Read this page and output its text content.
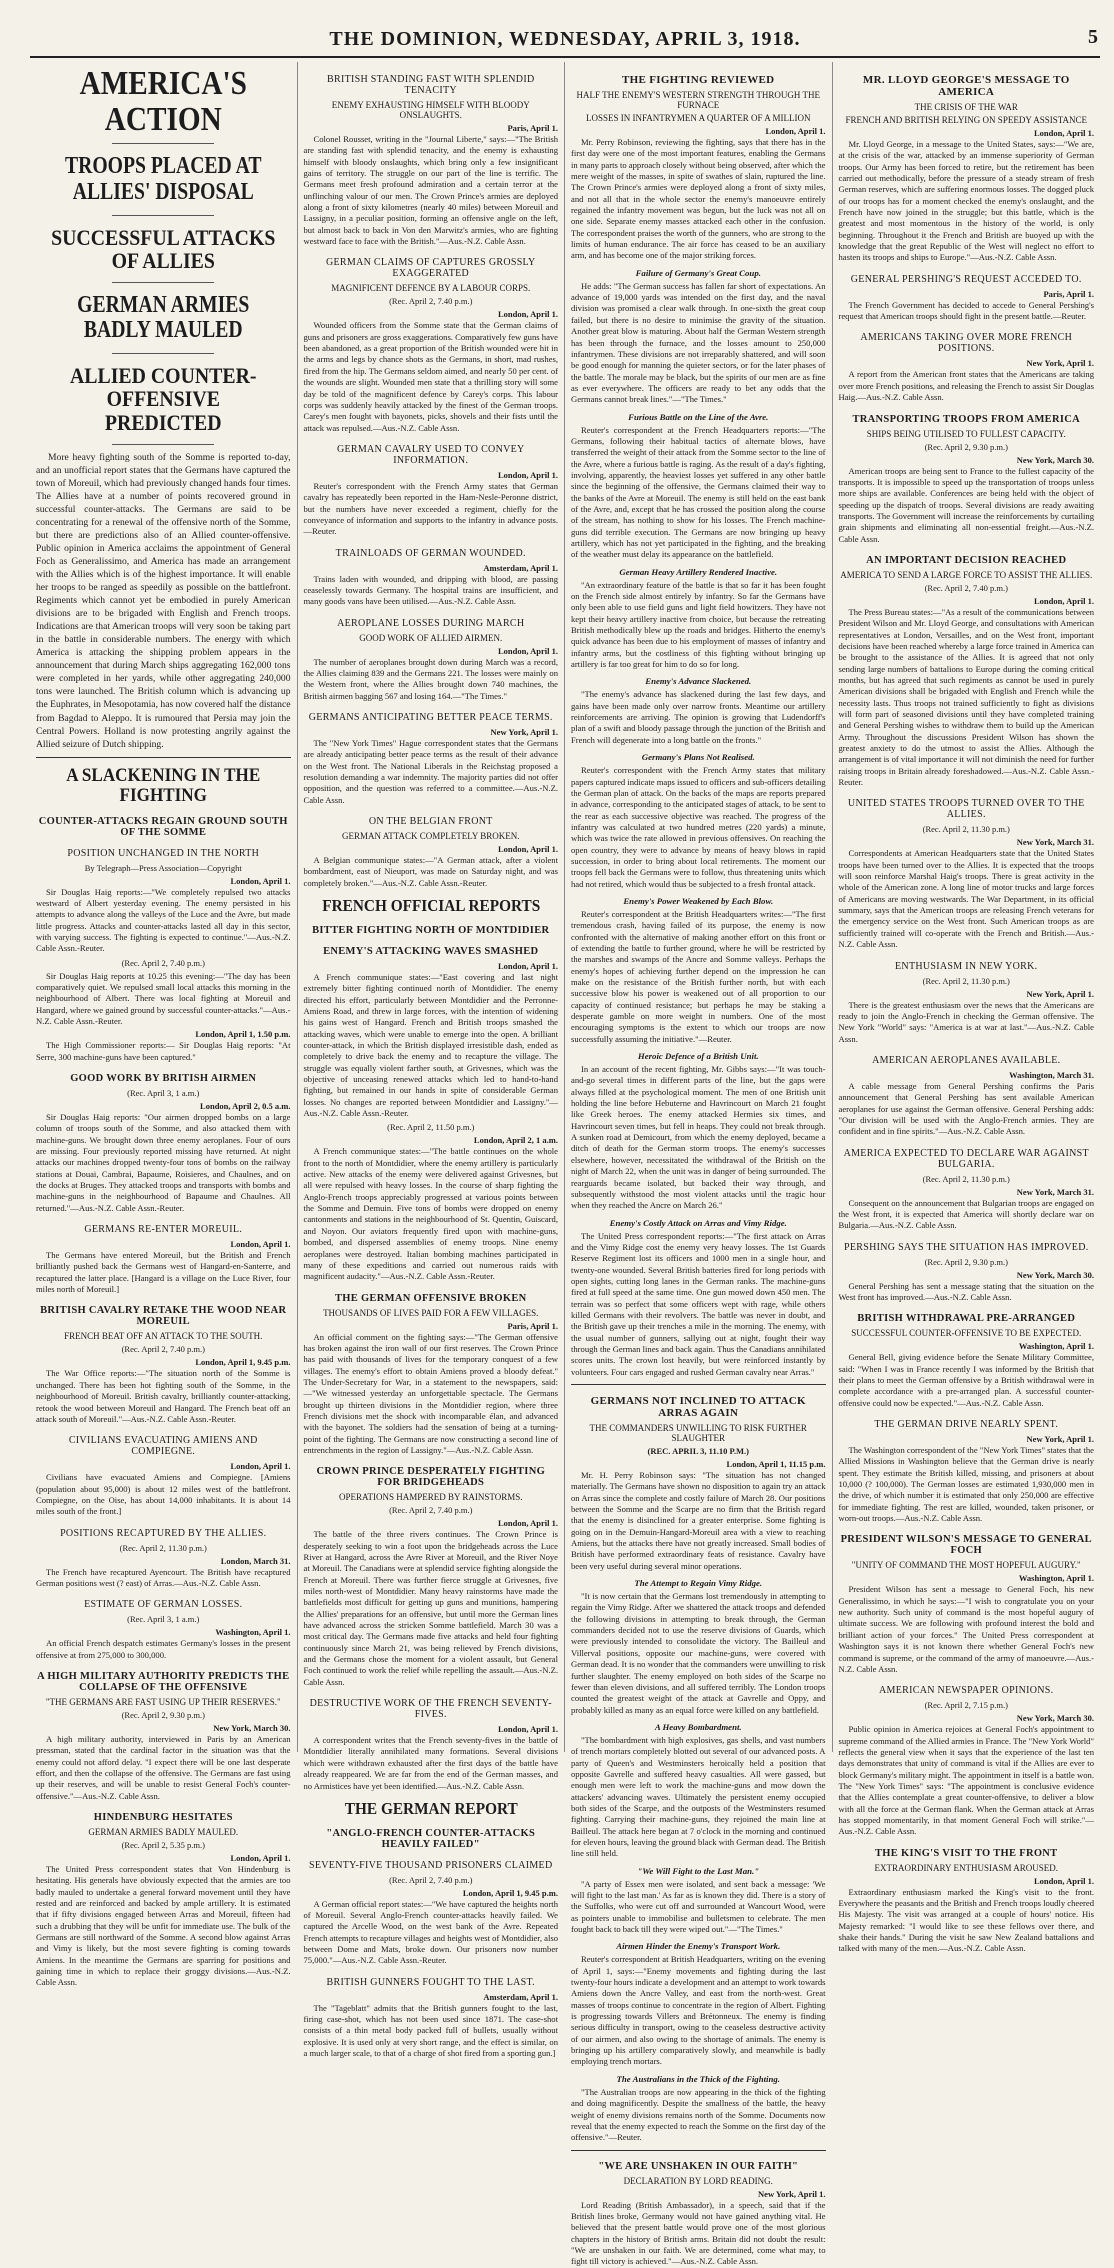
THE DOMINION, WEDNESDAY, APRIL 3, 1918.	5
AMERICA'S ACTION
TROOPS PLACED AT ALLIES' DISPOSAL
SUCCESSFUL ATTACKS OF ALLIES
GERMAN ARMIES BADLY MAULED
ALLIED COUNTER-OFFENSIVE PREDICTED

More heavy fighting south of the Somme is reported to-day, and an unofficial report states that the Germans have captured the town of Moreuil, which had previously changed hands four times. The Allies have at a number of points recovered ground in successful counter-attacks. The Germans are said to be concentrating for a renewal of the offensive north of the Somme, but there are predictions also of an Allied counter-offensive. Public opinion in America acclaims the appointment of General Foch as Generalissimo, and America has made an arrangement with the Allies which is of the highest importance. It will enable her troops to be ranged as speedily as possible on the battlefront. Regiments which cannot yet be embodied in purely American divisions are to be brigaded with English and French troops. Indications are that American troops will very soon be taking part in the battle in considerable numbers. The energy with which America is attacking the shipping problem appears in the announcement that during March ships aggregating 162,000 tons were completed in her yards, while other aggregating 240,000 tons were launched. The British column which is advancing up the Euphrates, in Mesopotamia, has now covered half the distance from Bagdad to Aleppo. It is rumoured that Persia may join the Central Powers. Holland is now protesting angrily against the Allied seizure of Dutch shipping.

A SLACKENING IN THE FIGHTING
COUNTER-ATTACKS REGAIN GROUND SOUTH OF THE SOMME
POSITION UNCHANGED IN THE NORTH
By Telegraph—Press Association—Copyright
London, April 1.

Sir Douglas Haig reports:—"We completely repulsed two attacks westward of Albert yesterday evening. The enemy persisted in his attempts to advance along the valleys of the Luce and the Avre, but made little progress. Attacks and counter-attacks lasted all day in this sector, with varying success. The fighting is expected to continue."—Aus.-N.Z. Cable Assn.-Reuter.

(Rec. April 2, 7.40 p.m.)

Sir Douglas Haig reports at 10.25 this evening:—"The day has been comparatively quiet. We repulsed small local attacks this morning in the neighbourhood of Albert. There was local fighting at Moreuil and Hangard, where we gained ground by successful counter-attacks."—Aus.-N.Z. Cable Assn.-Reuter.

London, April 1, 1.50 p.m.

The High Commissioner reports:— Sir Douglas Haig reports: "At Serre, 300 machine-guns have been captured."

GOOD WORK BY BRITISH AIRMEN
(Rec. April 3, 1 a.m.)
London, April 2, 0.5 a.m.

Sir Douglas Haig reports: "Our airmen dropped bombs on a large column of troops south of the Somme, and also attacked them with machine-guns. We brought down three enemy aeroplanes. Four of ours are missing. Four previously reported missing have returned. At night attacks our machines dropped twenty-four tons of bombs on the railway stations at Douai, Cambrai, Bapaume, Roisieres, and Chaulnes, and on the docks at Bruges. They attacked troops and transports with bombs and machine-guns in the neighbourhood of Bapaume and Chaulnes. All returned."—Aus.-N.Z. Cable Assn.-Reuter.

GERMANS RE-ENTER MOREUIL.
London, April 1.

The Germans have entered Moreuil, but the British and French brilliantly pushed back the Germans west of Hangard-en-Santerre, and recaptured the latter place. [Hangard is a village on the Luce River, four miles north of Moreuil.]

BRITISH CAVALRY RETAKE THE WOOD NEAR MOREUIL
FRENCH BEAT OFF AN ATTACK TO THE SOUTH.
(Rec. April 2, 7.40 p.m.)
London, April 1, 9.45 p.m.

The War Office reports:—"The situation north of the Somme is unchanged. There has been hot fighting south of the Somme, in the neighbourhood of Moreuil. British cavalry, brilliantly counter-attacking, retook the wood between Moreuil and Hangard. The French beat off an attack south of Moreuil."—Aus.-N.Z. Cable Assn.-Reuter.

CIVILIANS EVACUATING AMIENS AND COMPIEGNE.
London, April 1.

Civilians have evacuated Amiens and Compiegne. [Amiens (population about 95,000) is about 12 miles west of the battlefront. Compiegne, on the Oise, has about 14,000 inhabitants. It is about 14 miles south of the front.]

POSITIONS RECAPTURED BY THE ALLIES.
(Rec. April 2, 11.30 p.m.)
London, March 31.

The French have recaptured Ayencourt. The British have recaptured German positions west (? east) of Arras.—Aus.-N.Z. Cable Assn.

ESTIMATE OF GERMAN LOSSES.
(Rec. April 3, 1 a.m.)
Washington, April 1.

An official French despatch estimates Germany's losses in the present offensive at from 275,000 to 300,000.

A HIGH MILITARY AUTHORITY PREDICTS THE COLLAPSE OF THE OFFENSIVE
"THE GERMANS ARE FAST USING UP THEIR RESERVES."
(Rec. April 2, 9.30 p.m.)
New York, March 30.

A high military authority, interviewed in Paris by an American pressman, stated that the cardinal factor in the situation was that the enemy could not afford delay. "I expect there will be one last desperate effort, and then the collapse of the offensive. The Germans are fast using up their reserves, and will be unable to resist General Foch's counter-offensive."—Aus.-N.Z. Cable Assn.

HINDENBURG HESITATES
GERMAN ARMIES BADLY MAULED.
(Rec. April 2, 5.35 p.m.)
London, April 1.

The United Press correspondent states that Von Hindenburg is hesitating. His generals have obviously expected that the armies are too badly mauled to undertake a general forward movement until they have rested and are reinforced and backed by ample artillery. It is estimated that if fifty divisions engaged between Arras and Moreuil, fifteen had such a drubbing that they will be unfit for immediate use. The bulk of the Germans are still northward of the Somme. A second blow against Arras and Vimy is likely, but the most severe fighting is coming towards Amiens. In the meantime the Germans are sparring for positions and gaining time in which to replace their groggy divisions.—Aus.-N.Z. Cable Assn.

BRITISH STANDING FAST WITH SPLENDID TENACITY
ENEMY EXHAUSTING HIMSELF WITH BLOODY ONSLAUGHTS.
Paris, April 1.

Colonel Rousset, writing in the "Journal Liberte," says:—"The British are standing fast with splendid tenacity, and the enemy is exhausting himself with bloody onslaughts, which bring only a few insignificant gains of territory. The struggle on our part of the line is terrific. The Germans meet fresh profound admiration and a certain terror at the unflinching valour of our men. The Crown Prince's armies are deployed along a front of sixty kilometres (nearly 40 miles) between Moreuil and Lassigny, in a peculiar position, forming an offensive angle on the left, but almost back to back in Von den Marwitz's armies, who are fighting westward face to face with the British."—Aus.-N.Z. Cable Assn.

GERMAN CLAIMS OF CAPTURES GROSSLY EXAGGERATED
MAGNIFICENT DEFENCE BY A LABOUR CORPS.
(Rec. April 2, 7.40 p.m.)
London, April 1.

Wounded officers from the Somme state that the German claims of guns and prisoners are gross exaggerations. Comparatively few guns have been abandoned, as a great proportion of the British wounded were hit in the arms and legs by chance shots as the Germans, in short, mad rushes, fired from the hip. The Germans seldom aimed, and nearly 50 per cent. of the wounds are slight. Wounded men state that a thrilling story will some day be told of the magnificent defence by Carey's corps. This labour corps was suddenly heavily attacked by the finest of the German troops. Carey's men fought with bayonets, picks, shovels and their fists until the attack was repulsed.—Aus.-N.Z. Cable Assn.

GERMAN CAVALRY USED TO CONVEY INFORMATION.
London, April 1.

Reuter's correspondent with the French Army states that German cavalry has repeatedly been reported in the Ham-Nesle-Peronne district, but the numbers have never exceeded a regiment, chiefly for the conveyance of information and supports to the infantry in advance posts.—Reuter.

TRAINLOADS OF GERMAN WOUNDED.
Amsterdam, April 1.

Trains laden with wounded, and dripping with blood, are passing ceaselessly towards Germany. The hospital trains are insufficient, and many goods vans have been utilised.—Aus.-N.Z. Cable Assn.

AEROPLANE LOSSES DURING MARCH
GOOD WORK OF ALLIED AIRMEN.
London, April 1.

The number of aeroplanes brought down during March was a record, the Allies claiming 839 and the Germans 221. The losses were mainly on the Western front, where the Allies brought down 740 machines, the British airmen bagging 567 and losing 164.—"The Times."

GERMANS ANTICIPATING BETTER PEACE TERMS.
New York, April 1.

The "New York Times" Hague correspondent states that the Germans are already anticipating better peace terms as the result of their advance on the West front. The National Liberals in the Reichstag proposed a resolution demanding a war indemnity. The majority parties did not offer opposition, and the question was referred to a committee.—Aus.-N.Z. Cable Assn.

ON THE BELGIAN FRONT
GERMAN ATTACK COMPLETELY BROKEN.
London, April 1.

A Belgian communique states:—"A German attack, after a violent bombardment, east of Nieuport, was made on Saturday night, and was completely broken."—Aus.-N.Z. Cable Assn.-Reuter.

FRENCH OFFICIAL REPORTS
BITTER FIGHTING NORTH OF MONTDIDIER
ENEMY'S ATTACKING WAVES SMASHED
London, April 1.

A French communique states:—"East covering and last night extremely bitter fighting continued north of Montdidier. The enemy directed his effort, particularly between Montdidier and the Perronne-Amiens Road, and threw in large forces, with the intention of widening his gains west of Hangard. French and British troops smashed the attacking waves, which were unable to emerge into the open. A brilliant counter-attack, in which the British displayed irresistible dash, ended as completely to drive back the enemy and to recapture the village. The struggle was equally violent farther south, at Grivesnes, which was the objective of unceasing renewed attacks which led to hand-to-hand fighting, but remained in our hands in spite of considerable German losses. No changes are reported between Montdidier and Lassigny."—Aus.-N.Z. Cable Assn.-Reuter.

(Rec. April 2, 11.50 p.m.)
London, April 2, 1 a.m.

A French communique states:—"The battle continues on the whole front to the north of Montdidier, where the enemy artillery is particularly active. New attacks of the enemy were delivered against Grivesnes, but all were repulsed with heavy losses. In the course of sharp fighting the Anglo-French troops appreciably progressed at various points between the Somme and Demuin. Five tons of bombs were dropped on enemy cantonments and stations in the neighbourhood of St. Quentin, Guiscard, and Noyon. Our aviators frequently fired upon with machine-guns, bombed, and dispersed assemblies of enemy troops. Nine enemy aeroplanes were destroyed. Italian bombing machines participated in many of these expeditions and carried out numerous raids with magnificent audacity."—Aus.-N.Z. Cable Assn.-Reuter.

THE GERMAN OFFENSIVE BROKEN
THOUSANDS OF LIVES PAID FOR A FEW VILLAGES.
Paris, April 1.

An official comment on the fighting says:—"The German offensive has broken against the iron wall of our first reserves. The Crown Prince has paid with thousands of lives for the temporary conquest of a few villages. The enemy's effort to obtain Amiens proved a bloody defeat." The Under-Secretary for War, in a statement to the newspapers, said:—"We witnessed yesterday an unforgettable spectacle. The Germans brought up thirteen divisions in the Montdidier region, where three French divisions met the shock with incomparable élan, and advanced with the bayonet. The soldiers had the sensation of being at a turning-point of the fighting. The Germans are now constructing a second line of entrenchments in the region of Lassigny."—Aus.-N.Z. Cable Assn.

CROWN PRINCE DESPERATELY FIGHTING FOR BRIDGEHEADS
OPERATIONS HAMPERED BY RAINSTORMS.
(Rec. April 2, 7.40 p.m.)
London, April 1.

The battle of the three rivers continues. The Crown Prince is desperately seeking to win a foot upon the bridgeheads across the Luce River at Hangard, across the Avre River at Moreuil, and the River Noye at Moreuil. The Canadians were at splendid service fighting alongside the French at Moreuil. There was further fierce struggle at Grivesnes, five miles north-west of Montdidier. Many heavy rainstorms have made the battlefields most difficult for getting up guns and munitions, hampering the Allies' preparations for an offensive, but until more the German lines have advanced across the stricken Somme battlefield. March 30 was a most critical day. The Germans made five attacks and held four fighting continuously since March 21, was being relieved by French divisions, and the Germans chose the moment for a violent assault, but General Foch continued to work the relief while repelling the assault.—Aus.-N.Z. Cable Assn.

DESTRUCTIVE WORK OF THE FRENCH SEVENTY-FIVES.
London, April 1.

A correspondent writes that the French seventy-fives in the battle of Montdidier literally annihilated many formations. Several divisions which were withdrawn exhausted after the first days of the battle have already reappeared. We are far from the end of the German masses, and no Armistices have yet been identified.—Aus.-N.Z. Cable Assn.

THE GERMAN REPORT
"ANGLO-FRENCH COUNTER-ATTACKS HEAVILY FAILED"
SEVENTY-FIVE THOUSAND PRISONERS CLAIMED
(Rec. April 2, 7.40 p.m.)
London, April 1, 9.45 p.m.

A German official report states:—"We have captured the heights north of Moreuil. Several Anglo-French counter-attacks heavily failed. We captured the Arcelle Wood, on the west bank of the Avre. Repeated French attempts to recapture villages and heights west of Montdidier, also between Dome and Mats, broke down. Our prisoners now number 75,000."—Aus.-N.Z. Cable Assn.-Reuter.

BRITISH GUNNERS FOUGHT TO THE LAST.
Amsterdam, April 1.

The "Tageblatt" admits that the British gunners fought to the last, firing case-shot, which has not been used since 1871. The case-shot consists of a thin metal body packed full of bullets, usually without explosive. It is used only at very short range, and the effect is similar, on a much larger scale, to that of a charge of shot fired from a sporting gun.]

THE FIGHTING REVIEWED
HALF THE ENEMY'S WESTERN STRENGTH THROUGH THE FURNACE
LOSSES IN INFANTRYMEN A QUARTER OF A MILLION
London, April 1.

Mr. Perry Robinson, reviewing the fighting, says that there has in the first day were one of the most important features, enabling the Germans in many parts to approach closely without being observed, after which the mere weight of the masses, in spite of swathes of slain, ruptured the line. The Crown Prince's armies were deployed along a front of sixty miles, and not all that in the whole sector the enemy's manoeuvre entirely regained the infantry movement was begun, but the luck was not all on one side. Separate enemy masses attacked each other in the confusion. The correspondent praises the worth of the gunners, who are strong to the limits of human endurance. The air force has ceased to be an auxiliary arm, and has become one of the major striking forces.

Failure of Germany's Great Coup.

He adds: "The German success has fallen far short of expectations. An advance of 19,000 yards was intended on the first day, and the naval division was promised a clear walk through. In one-sixth the great coup failed, but there is no desire to minimise the gravity of the situation. Another great blow is maturing. About half the German Western strength has been through the furnace, and the losses amount to 250,000 infantrymen. These divisions are not irreparably shattered, and will soon be good enough for manning the quieter sectors, or for the later phases of the battle. The morale may be black, but the spirits of our men are as fine as ever everywhere. The officers are ready to bet any odds that the Germans cannot break lines."—"The Times."

Furious Battle on the Line of the Avre.

Reuter's correspondent at the French Headquarters reports:—"The Germans, following their habitual tactics of alternate blows, have transferred the weight of their attack from the Somme sector to the line of the Avre, where a furious battle is raging. As the result of a day's fighting, involving, apparently, the heaviest losses yet suffered in any other battle since the beginning of the offensive, the Germans claimed their way to the banks of the Avre at Moreuil. The enemy is still held on the east bank of the Avre, and, except that he has crossed the position along the course of the stream, has nothing to show for his losses. The French machine-guns did terrible execution. The Germans are now bringing up heavy artillery, which has not yet participated in the fighting, and the breaking of the weather must delay its appearance on the battlefield.

German Heavy Artillery Rendered Inactive.

"An extraordinary feature of the battle is that so far it has been fought on the French side almost entirely by infantry. So far the Germans have only been able to use field guns and light field howitzers. They have not kept their heavy artillery inactive from choice, but because the retreating British methodically blew up the roads and bridges. Hitherto the enemy's quick advance has been due to his employment of masses of infantry and infantry arms, but the costliness of this fighting without bringing up artillery is far too great for him to do so for long.

Enemy's Advance Slackened.

"The enemy's advance has slackened during the last few days, and gains have been made only over narrow fronts. Meantime our artillery reinforcements are arriving. The opinion is growing that Ludendorff's plan of a swift and bloody passage through the junction of the British and French will degenerate into a long battle on the fronts."

Germany's Plans Not Realised.

Reuter's correspondent with the French Army states that military papers captured indicate maps issued to officers and sub-officers detailing the German plan of attack. On the backs of the maps are reports prepared in advance, corresponding to the anticipated stages of attack, to be sent to the rear as each successive objective was reached. The progress of the infantry was calculated at two hundred metres (220 yards) a minute, which was twice the rate allowed in previous offensives. On reaching the open country, they were to advance by means of heavy blows in rapid succession, in order to bring about local retirements. The moment our troops fell back the Germans were to follow, thus threatening units which had not retired, which would thus be subjected to a fresh frontal attack.

Enemy's Power Weakened by Each Blow.

Reuter's correspondent at the British Headquarters writes:—"The first tremendous crash, having failed of its purpose, the enemy is now confronted with the alternative of making another effort on this front or of extending the battle to further ground, where he will be restricted by the marshes and swamps of the Ancre and Somme valleys. Perhaps the enemy's hopes of achieving further depend on the impression he can make on the resistance of the British further north, but with each successive blow his power is weakened out of all proportion to our capacity of continued resistance; but perhaps he may be staking a desperate gamble on more weight in numbers. One of the most encouraging symptoms is the extent to which our troops are now successfully assuming the initiative."—Reuter.

Heroic Defence of a British Unit.

In an account of the recent fighting, Mr. Gibbs says:—"It was touch-and-go several times in different parts of the line, but the gaps were always filled at the psychological moment. The men of one British unit holding the line before Hebuterne and Havrincourt on March 21 fought like Greek heroes. The enemy attacked Hermies six times, and Havrincourt seven times, but fell in heaps. They could not break through. A sunken road at Demicourt, from which the enemy deployed, became a ditch of death for the German storm troops. The enemy's successes elsewhere, however, necessitated the withdrawal of the British on the night of March 22, when the unit was in danger of being surrounded. The rearguards became isolated, but backed their way through, and subsequently withstood the most violent attacks until the tragic hour when they reached the Ancre on March 26."

Enemy's Costly Attack on Arras and Vimy Ridge.

The United Press correspondent reports:—"The first attack on Arras and the Vimy Ridge cost the enemy very heavy losses. The 1st Guards Reserve Regiment lost its officers and 1000 men in a single hour, and twenty-one wounded. Several British batteries fired for long periods with open sights, cutting long lanes in the German ranks. The machine-guns fired at full speed at the same time. One gun mowed down 450 men. The terrain was so perfect that some officers wept with rage, while others killed Germans with their revolvers. The battle was never in doubt, and the British gave up their trenches a mile in the morning. The enemy, with the usual number of gunners, sallying out at night, fought their way through the German lines and back again. Thus the Canadians annihilated scores units. The crown lost heavily, but were reinforced instantly by volunteers. Four cars engaged and rushed German cavalry near Arras."

GERMANS NOT INCLINED TO ATTACK ARRAS AGAIN
THE COMMANDERS UNWILLING TO RISK FURTHER SLAUGHTER
(REC. APRIL 3, 11.10 P.M.)
London, April 1, 11.15 p.m.

Mr. H. Perry Robinson says: "The situation has not changed materially. The Germans have shown no disposition to again try an attack on Arras since the complete and costly failure of March 28. Our positions between the Somme and the Scarpe are no firm that the British regard that the enemy is disinclined for a greater enterprise. Some fighting is going on in the Demuin-Hangard-Moreuil area with a view to reaching Amiens, but the attacks there have not greatly increased. Small bodies of British have performed extraordinary feats of resistance. Cavalry have been very useful during several minor operations.

The Attempt to Regain Vimy Ridge.

"It is now certain that the Germans lost tremendously in attempting to regain the Vimy Ridge. After we shattered the attack troops and defended the following divisions in attempting to break through, the German commanders decided not to use the reserve divisions of Guards, which were previously intended to consolidate the victory. The Bailleul and Villerval positions, opposite our machine-guns, were covered with German dead. It is no wonder that the commanders were unwilling to risk further slaughter. The enemy employed on both sides of the Scarpe no fewer than eleven divisions, and all suffered terribly. The London troops counted the greatest weight of the attack at Gavrelle and Oppy, and probably killed as many as an equal force were killed on any battlefield.

A Heavy Bombardment.

"The bombardment with high explosives, gas shells, and vast numbers of trench mortars completely blotted out several of our advanced posts. A party of Queen's and Westminsters heroically held a position that opposite Gavrelle and suffered heavy casualties. All were gassed, but enough men were left to work the machine-guns and mow down the attackers' advancing waves. Ultimately the persistent enemy occupied both sides of the Scarpe, and the outposts of the Westminsters resumed fighting. Carrying their machine-guns, they rejoined the main line at Bailleul. The attack here began at 7 o'clock in the morning and continued for eleven hours, leaving the ground black with German dead. The British line still held.

"We Will Fight to the Last Man."

"A party of Essex men were isolated, and sent back a message: 'We will fight to the last man.' As far as is known they did. There is a story of the Suffolks, who were cut off and surrounded at Wancourt Wood, were as pointers unable to immobilise and bulletsmen to celebrate. The men fought back to back till they were wiped out."—"The Times."

Airmen Hinder the Enemy's Transport Work.

Reuter's correspondent at British Headquarters, writing on the evening of April 1, says:—"Enemy movements and fighting during the last twenty-four hours indicate a development and an attempt to work towards Amiens down the Ancre Valley, and east from the north-west. Great masses of troops continue to concentrate in the region of Albert. Fighting is progressing towards Villers and Brétonneux. The enemy is finding serious difficulty in transport, owing to the ceaseless destructive activity of our airmen, and also owing to the shortage of animals. The enemy is bringing up his artillery comparatively slowly, and meanwhile is badly employing trench mortars.

The Australians in the Thick of the Fighting.

"The Australian troops are now appearing in the thick of the fighting and doing magnificently. Despite the smallness of the battle, the heavy weight of enemy divisions remains north of the Somme. Documents now reveal that the enemy expected to reach the Somme on the first day of the offensive."—Reuter.

"WE ARE UNSHAKEN IN OUR FAITH"
DECLARATION BY LORD READING.
New York, April 1.

Lord Reading (British Ambassador), in a speech, said that if the British lines broke, Germany would not have gained anything vital. He believed that the present battle would prove one of the most glorious chapters in the history of British arms. Britain did not doubt the result: "We are unshaken in our faith. We are determined, come what may, to fight till victory is achieved."—Aus.-N.Z. Cable Assn.

MR. LLOYD GEORGE'S MESSAGE TO AMERICA
THE CRISIS OF THE WAR
FRENCH AND BRITISH RELYING ON SPEEDY ASSISTANCE
London, April 1.

Mr. Lloyd George, in a message to the United States, says:—"We are, at the crisis of the war, attacked by an immense superiority of German troops. Our Army has been forced to retire, but the retirement has been carried out methodically, before the pressure of a steady stream of fresh German reserves, which are suffering enormous losses. The dogged pluck of our troops has for a moment checked the enemy's onslaught, and the French have now joined in the struggle; but this battle, which is the greatest and most momentous in the history of the world, is only beginning. Throughout it the French and British are buoyed up with the knowledge that the great Republic of the West will neglect no effort to hasten its troops and ships to Europe."—Aus.-N.Z. Cable Assn.

GENERAL PERSHING'S REQUEST ACCEDED TO.
Paris, April 1.

The French Government has decided to accede to General Pershing's request that American troops should fight in the present battle.—Reuter.

AMERICANS TAKING OVER MORE FRENCH POSITIONS.
New York, April 1.

A report from the American front states that the Americans are taking over more French positions, and releasing the French to assist Sir Douglas Haig.—Aus.-N.Z. Cable Assn.

TRANSPORTING TROOPS FROM AMERICA
SHIPS BEING UTILISED TO FULLEST CAPACITY.
(Rec. April 2, 9.30 p.m.)
New York, March 30.

American troops are being sent to France to the fullest capacity of the transports. It is impossible to speed up the transportation of troops unless more ships are available. Conferences are being held with the object of speeding up the dispatch of troops. Several divisions are ready awaiting transports. The Government will increase the reinforcements by curtailing grain shipments and eliminating all non-essential freight.—Aus.-N.Z. Cable Assn.

AN IMPORTANT DECISION REACHED
AMERICA TO SEND A LARGE FORCE TO ASSIST THE ALLIES.
(Rec. April 2, 7.40 p.m.)
London, April 1.

The Press Bureau states:—"As a result of the communications between President Wilson and Mr. Lloyd George, and consultations with American representatives at London, Versailles, and on the West front, important decisions have been reached whereby a large force trained in America can be brought to the assistance of the Allies. It is agreed that not only sending large numbers of battalions to Europe during the coming critical months, but has agreed that such regiments as cannot be used in purely American divisions shall be brigaded with English and French while the necessity lasts. Thus troops not trained sufficiently to fight as divisions will form part of seasoned divisions until they have completed training and General Pershing wishes to withdraw them to build up the American Army. Throughout the discussions President Wilson has shown the greatest anxiety to do the utmost to assist the Allies. Although the arrangement is of vital importance it will not diminish the need for further raising troops in Britain already foreshadowed.—Aus.-N.Z. Cable Assn.-Reuter.

UNITED STATES TROOPS TURNED OVER TO THE ALLIES.
(Rec. April 2, 11.30 p.m.)
New York, March 31.

Correspondents at American Headquarters state that the United States troops have been turned over to the Allies. It is expected that the troops will soon reinforce Marshal Haig's troops. There is great activity in the whole of the American zone. A long line of motor trucks and large forces of Americans are moving westwards. The War Department, in its official summary, says that the American troops are releasing French veterans for the emergency service on the West front. Such American troops as are sufficiently trained will co-operate with the French and British.—Aus.-N.Z. Cable Assn.

ENTHUSIASM IN NEW YORK.
(Rec. April 2, 11.30 p.m.)
New York, April 1.

There is the greatest enthusiasm over the news that the Americans are ready to join the Anglo-French in checking the German offensive. The New York "World" says: "America is at war at last."—Aus.-N.Z. Cable Assn.

AMERICAN AEROPLANES AVAILABLE.
Washington, March 31.

A cable message from General Pershing confirms the Paris announcement that General Pershing has sent available American aeroplanes for use against the German offensive. General Pershing adds: "Our division will be used with the Anglo-French armies. They are confident and in fine spirits."—Aus.-N.Z. Cable Assn.

AMERICA EXPECTED TO DECLARE WAR AGAINST BULGARIA.
(Rec. April 2, 11.30 p.m.)
New York, March 31.

Consequent on the announcement that Bulgarian troops are engaged on the West front, it is expected that America will shortly declare war on Bulgaria.—Aus.-N.Z. Cable Assn.

PERSHING SAYS THE SITUATION HAS IMPROVED.
(Rec. April 2, 9.30 p.m.)
New York, March 30.

General Pershing has sent a message stating that the situation on the West front has improved.—Aus.-N.Z. Cable Assn.

BRITISH WITHDRAWAL PRE-ARRANGED
SUCCESSFUL COUNTER-OFFENSIVE TO BE EXPECTED.
Washington, April 1.

General Bell, giving evidence before the Senate Military Committee, said: "When I was in France recently I was informed by the British that their plans to meet the German offensive by a British withdrawal were in complete accordance with a pre-arranged plan. A successful counter-offensive could now be expected."—Aus.-N.Z. Cable Assn.

THE GERMAN DRIVE NEARLY SPENT.
New York, April 1.

The Washington correspondent of the "New York Times" states that the Allied Missions in Washington believe that the German drive is nearly spent. They estimate the British killed, missing, and prisoners at about 10,000 (? 100,000). The German losses are estimated 1,930,000 men in the drive, of which number it is estimated that only 250,000 are effective for immediate fighting. The rest are killed, wounded, taken prisoner, or worn-out troops.—Aus.-N.Z. Cable Assn.

PRESIDENT WILSON'S MESSAGE TO GENERAL FOCH
"UNITY OF COMMAND THE MOST HOPEFUL AUGURY."
Washington, April 1.

President Wilson has sent a message to General Foch, his new Generalissimo, in which he says:—"I wish to congratulate you on your new authority. Such unity of command is the most hopeful augury of ultimate success. We are following with profound interest the bold and brilliant action of your forces." The United Press correspondent at Washington says it is not known there whether General Foch's new command is supreme, or the command of the army of manoeuvre.—Aus.-N.Z. Cable Assn.

AMERICAN NEWSPAPER OPINIONS.
(Rec. April 2, 7.15 p.m.)
New York, March 30.

Public opinion in America rejoices at General Foch's appointment to supreme command of the Allied armies in France. The "New York World" reflects the general view when it says that the experience of the last ten days demonstrates that unity of command is vital if the Allies are ever to block Germany's military might. The appointment in itself is a battle won. The "New York Times" says: "The appointment is conclusive evidence that the Allies contemplate a great counter-offensive, to deliver a blow with all the force at the German flank. When the German attack at Arras has stopped momentarily, in that moment General Foch will strike."—Aus.-N.Z. Cable Assn.

THE KING'S VISIT TO THE FRONT
EXTRAORDINARY ENTHUSIASM AROUSED.
London, April 1.

Extraordinary enthusiasm marked the King's visit to the front. Everywhere the peasants and the British and French troops loudly cheered His Majesty. The visit was arranged at a couple of hours' notice. His Majesty remarked: "I would like to see these fellows over there, and shake their hands." During the visit he saw New Zealand battalions and talked with many of the men.—Aus.-N.Z. Cable Assn.
